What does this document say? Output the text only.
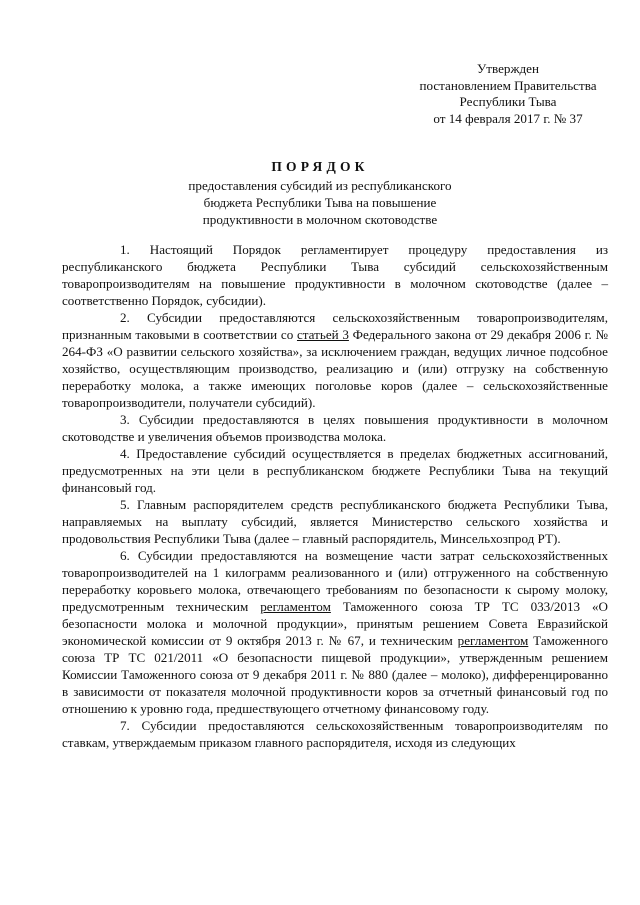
Утвержден
постановлением Правительства
Республики Тыва
от 14 февраля 2017 г. № 37
ПОРЯДОК
предоставления субсидий из республиканского
бюджета Республики Тыва на повышение
продуктивности в молочном скотоводстве

1. Настоящий Порядок регламентирует процедуру предоставления из республиканского бюджета Республики Тыва субсидий сельскохозяйственным товаропроизводителям на повышение продуктивности в молочном скотоводстве (далее – соответственно Порядок, субсидии).

2. Субсидии предоставляются сельскохозяйственным товаропроизводителям, признанным таковыми в соответствии со статьей 3 Федерального закона от 29 декабря 2006 г. № 264-ФЗ «О развитии сельского хозяйства», за исключением граждан, ведущих личное подсобное хозяйство, осуществляющим производство, реализацию и (или) отгрузку на собственную переработку молока, а также имеющих поголовье коров (далее – сельскохозяйственные товаропроизводители, получатели субсидий).

3. Субсидии предоставляются в целях повышения продуктивности в молочном скотоводстве и увеличения объемов производства молока.

4. Предоставление субсидий осуществляется в пределах бюджетных ассигнований, предусмотренных на эти цели в республиканском бюджете Республики Тыва на текущий финансовый год.

5. Главным распорядителем средств республиканского бюджета Республики Тыва, направляемых на выплату субсидий, является Министерство сельского хозяйства и продовольствия Республики Тыва (далее – главный распорядитель, Минсельхозпрод РТ).

6. Субсидии предоставляются на возмещение части затрат сельскохозяйственных товаропроизводителей на 1 килограмм реализованного и (или) отгруженного на собственную переработку коровьего молока, отвечающего требованиям по безопасности к сырому молоку, предусмотренным техническим регламентом Таможенного союза ТР ТС 033/2013 «О безопасности молока и молочной продукции», принятым решением Совета Евразийской экономической комиссии от 9 октября 2013 г. № 67, и техническим регламентом Таможенного союза ТР ТС 021/2011 «О безопасности пищевой продукции», утвержденным решением Комиссии Таможенного союза от 9 декабря 2011 г. № 880 (далее – молоко), дифференцированно в зависимости от показателя молочной продуктивности коров за отчетный финансовый год по отношению к уровню года, предшествующего отчетному финансовому году.

7. Субсидии предоставляются сельскохозяйственным товаропроизводителям по ставкам, утверждаемым приказом главного распорядителя, исходя из следующих
